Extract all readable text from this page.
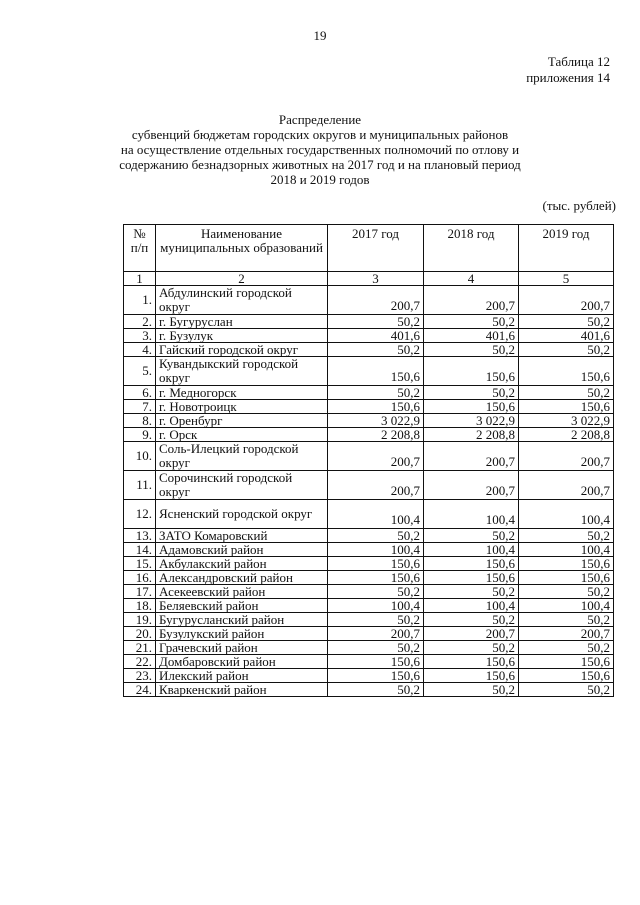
19
Таблица 12
приложения 14
Распределение
субвенций бюджетам городских округов и муниципальных районов
на осуществление отдельных государственных полномочий по отлову и
содержанию безнадзорных животных на 2017 год и на плановый период
2018 и 2019 годов
(тыс. рублей)
№ п/п	Наименование муниципальных образований	2017 год	2018 год	2019 год
1	2	3	4	5
1.	Абдулинский городской округ	200,7	200,7	200,7
2.	г. Бугуруслан	50,2	50,2	50,2
3.	г. Бузулук	401,6	401,6	401,6
4.	Гайский городской округ	50,2	50,2	50,2
5.	Кувандыкский городской округ	150,6	150,6	150,6
6.	г. Медногорск	50,2	50,2	50,2
7.	г. Новотроицк	150,6	150,6	150,6
8.	г. Оренбург	3 022,9	3 022,9	3 022,9
9.	г. Орск	2 208,8	2 208,8	2 208,8
10.	Соль-Илецкий городской округ	200,7	200,7	200,7
11.	Сорочинский городской округ	200,7	200,7	200,7
12.	Ясненский городской округ	100,4	100,4	100,4
13.	ЗАТО Комаровский	50,2	50,2	50,2
14.	Адамовский район	100,4	100,4	100,4
15.	Акбулакский район	150,6	150,6	150,6
16.	Александровский район	150,6	150,6	150,6
17.	Асекеевский район	50,2	50,2	50,2
18.	Беляевский район	100,4	100,4	100,4
19.	Бугурусланский район	50,2	50,2	50,2
20.	Бузулукский район	200,7	200,7	200,7
21.	Грачевский район	50,2	50,2	50,2
22.	Домбаровский район	150,6	150,6	150,6
23.	Илекский район	150,6	150,6	150,6
24.	Кваркенский район	50,2	50,2	50,2
